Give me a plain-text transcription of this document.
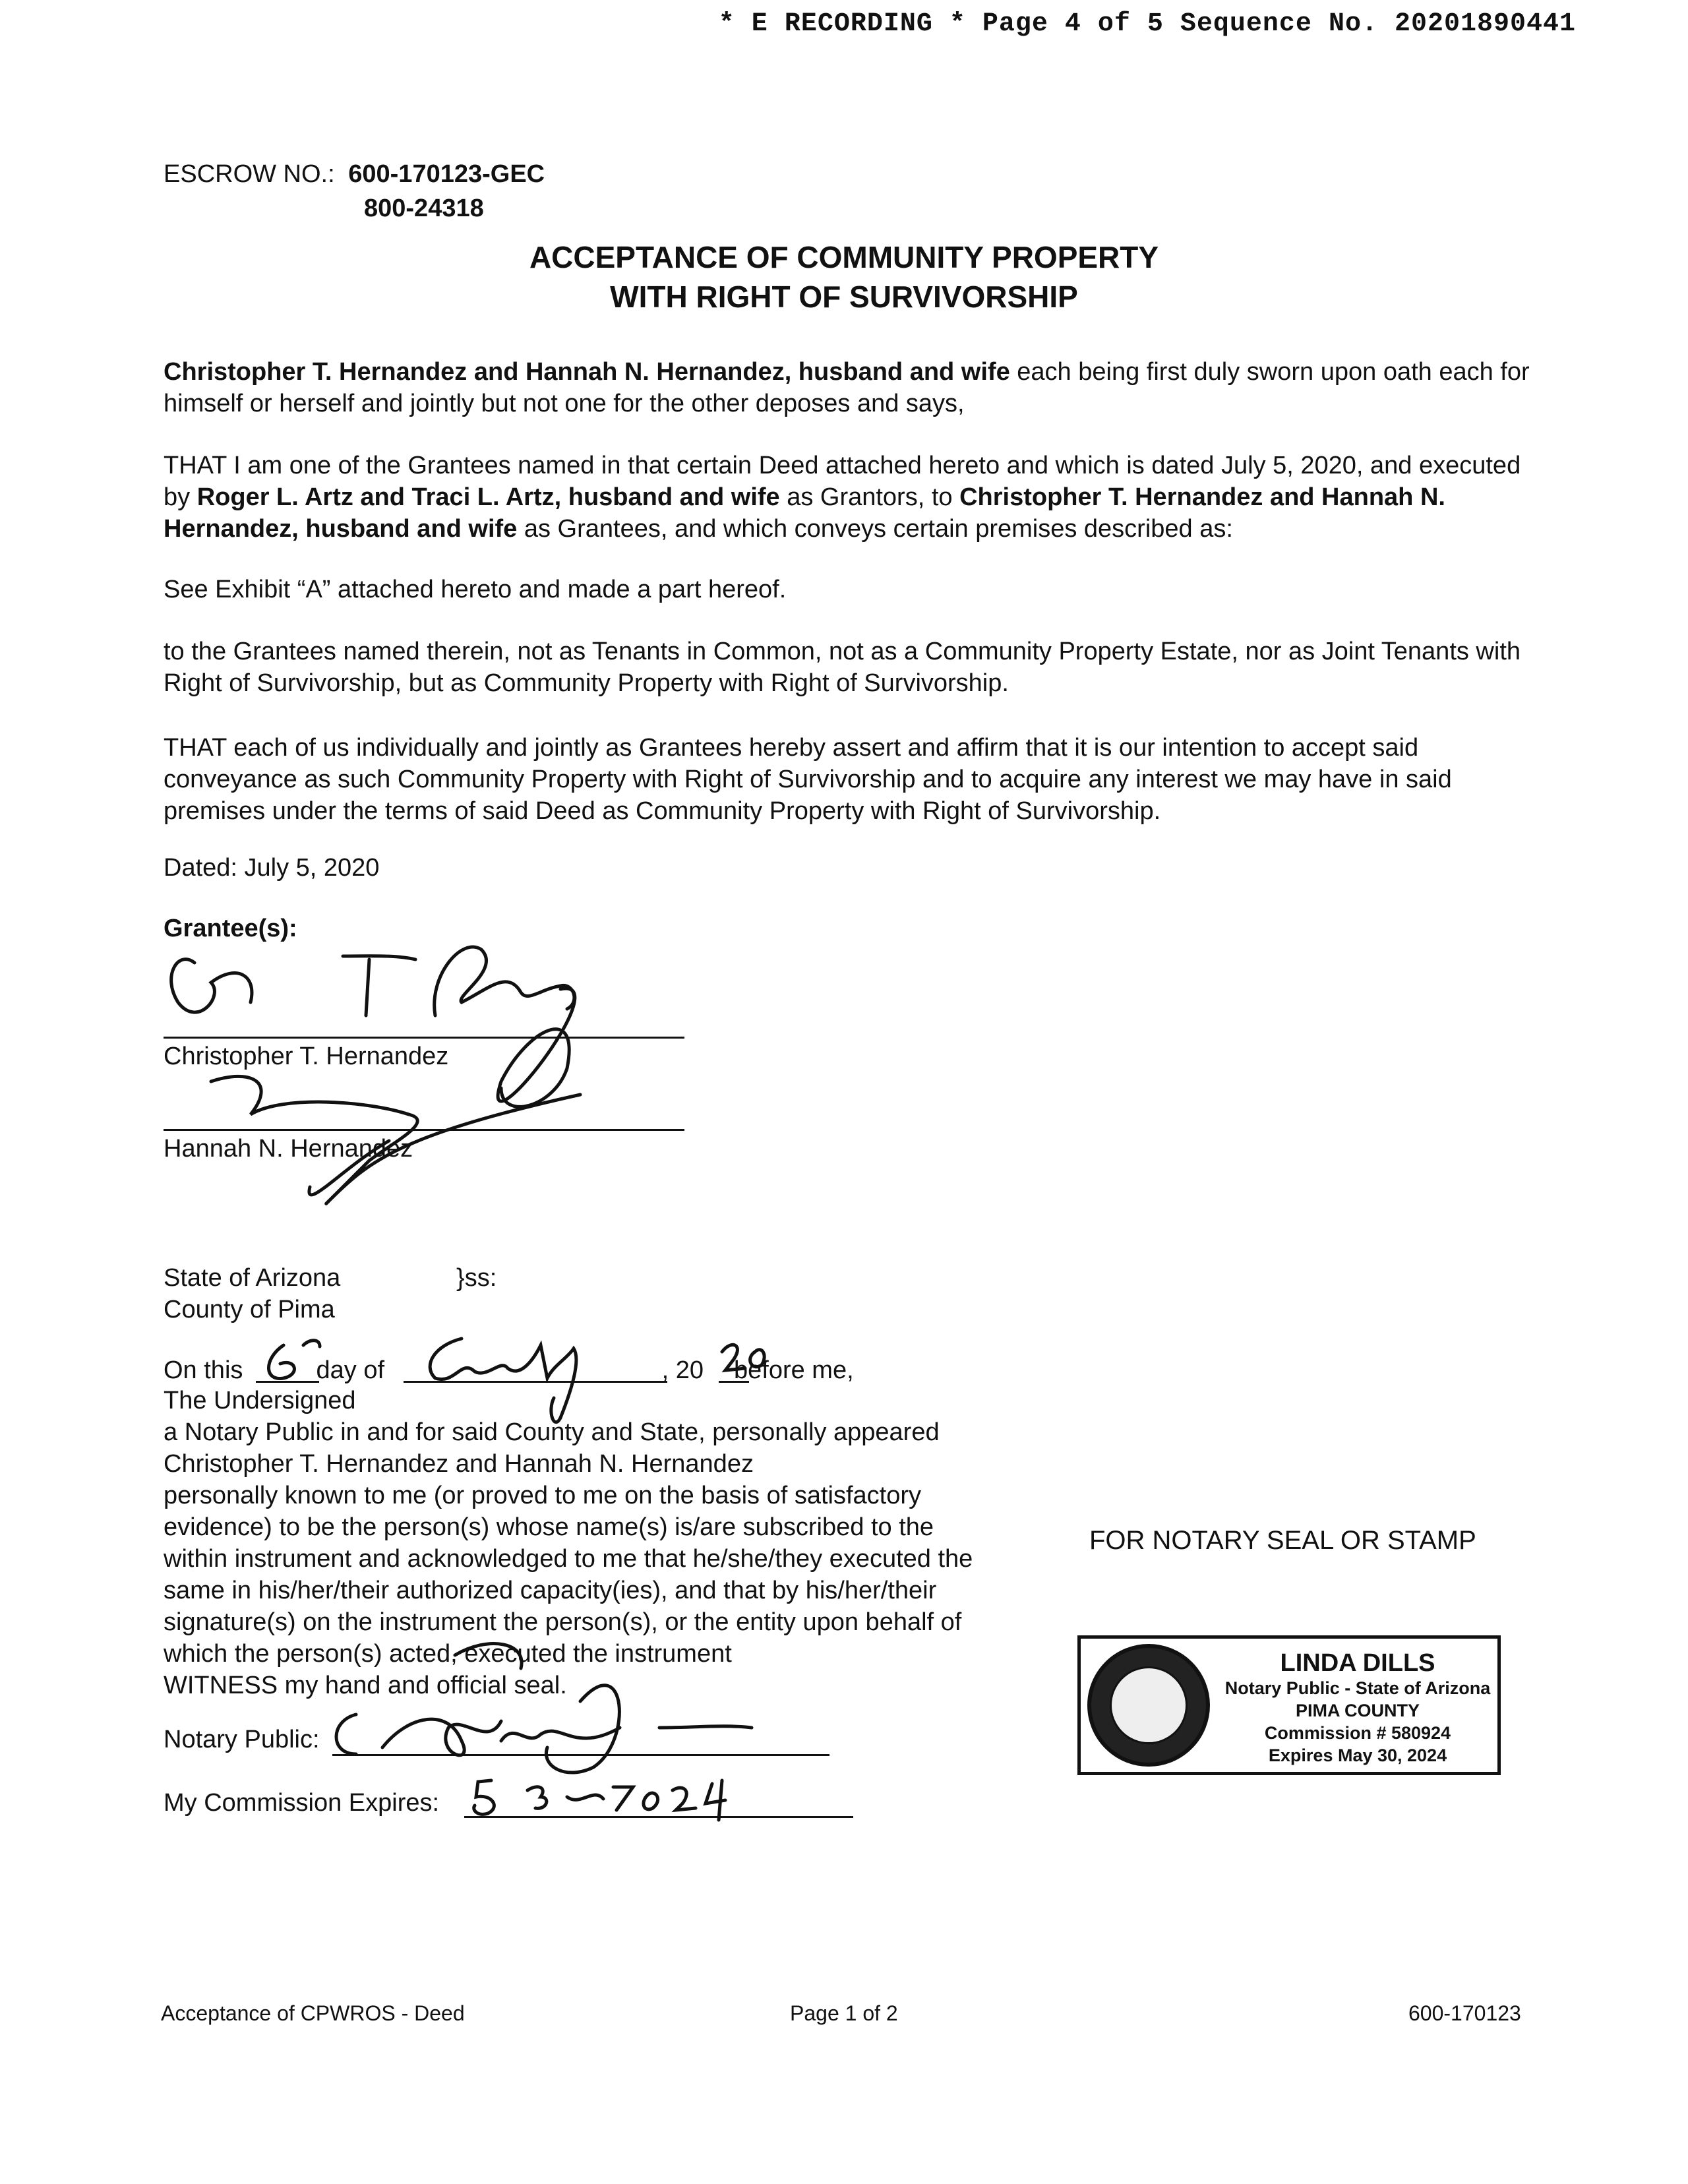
* E RECORDING * Page 4 of 5 Sequence No. 20201890441
ESCROW NO.: 600-170123-GEC
800-24318
ACCEPTANCE OF COMMUNITY PROPERTY
WITH RIGHT OF SURVIVORSHIP
Christopher T. Hernandez and Hannah N. Hernandez, husband and wife each being first duly sworn upon oath each for himself or herself and jointly but not one for the other deposes and says,
THAT I am one of the Grantees named in that certain Deed attached hereto and which is dated July 5, 2020, and executed by Roger L. Artz and Traci L. Artz, husband and wife as Grantors, to Christopher T. Hernandez and Hannah N. Hernandez, husband and wife as Grantees, and which conveys certain premises described as:
See Exhibit “A” attached hereto and made a part hereof.
to the Grantees named therein, not as Tenants in Common, not as a Community Property Estate, nor as Joint Tenants with Right of Survivorship, but as Community Property with Right of Survivorship.
THAT each of us individually and jointly as Grantees hereby assert and affirm that it is our intention to accept said conveyance as such Community Property with Right of Survivorship and to acquire any interest we may have in said premises under the terms of said Deed as Community Property with Right of Survivorship.
Dated: July 5, 2020
Grantee(s):
Christopher T. Hernandez
Hannah N. Hernandez
State of Arizona	}ss:
County of Pima
On this	day of	, 20 before me,
The Undersigned
a Notary Public in and for said County and State, personally appeared
Christopher T. Hernandez and Hannah N. Hernandez
personally known to me (or proved to me on the basis of satisfactory
evidence) to be the person(s) whose name(s) is/are subscribed to the
within instrument and acknowledged to me that he/she/they executed the
same in his/her/their authorized capacity(ies), and that by his/her/their
signature(s) on the instrument the person(s), or the entity upon behalf of
which the person(s) acted, executed the instrument
WITNESS my hand and official seal.
Notary Public:
My Commission Expires:
FOR NOTARY SEAL OR STAMP
LINDA DILLS
Notary Public - State of Arizona
PIMA COUNTY
Commission # 580924
Expires May 30, 2024
Acceptance of CPWROS - Deed	Page 1 of 2	600-170123
